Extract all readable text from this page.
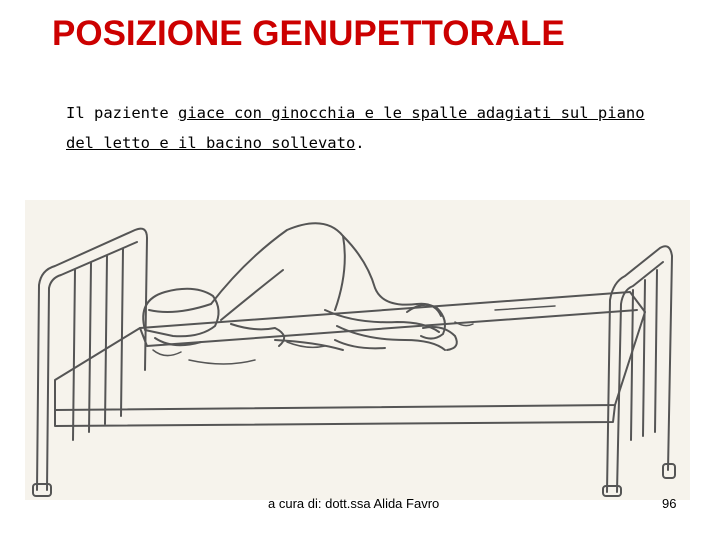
POSIZIONE GENUPETTORALE

Il paziente giace con ginocchia e le spalle adagiati sul piano del letto e il bacino sollevato.

a cura di: dott.ssa Alida Favro	96
